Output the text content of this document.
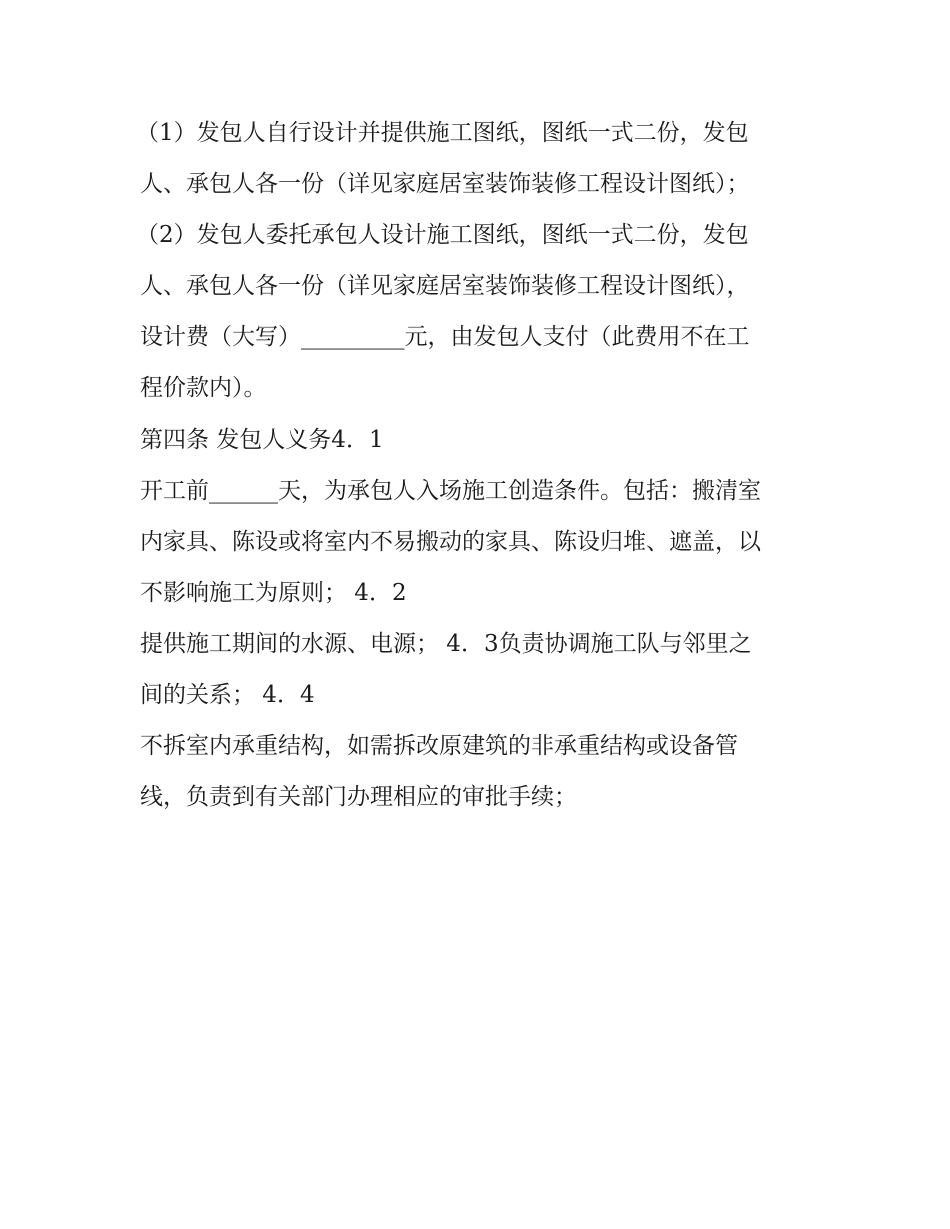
（1）发包人自行设计并提供施工图纸，图纸一式二份，发包
人、承包人各一份（详见家庭居室装饰装修工程设计图纸）；
（2）发包人委托承包人设计施工图纸，图纸一式二份，发包
人、承包人各一份（详见家庭居室装饰装修工程设计图纸），
设计费（大写）_________元，由发包人支付（此费用不在工
程价款内）。
第四条 发包人义务4．1
开工前______天，为承包人入场施工创造条件。包括：搬清室
内家具、陈设或将室内不易搬动的家具、陈设归堆、遮盖，以
不影响施工为原则； 4．2
提供施工期间的水源、电源； 4．3负责协调施工队与邻里之
间的关系； 4．4
不拆室内承重结构，如需拆改原建筑的非承重结构或设备管
线，负责到有关部门办理相应的审批手续；
